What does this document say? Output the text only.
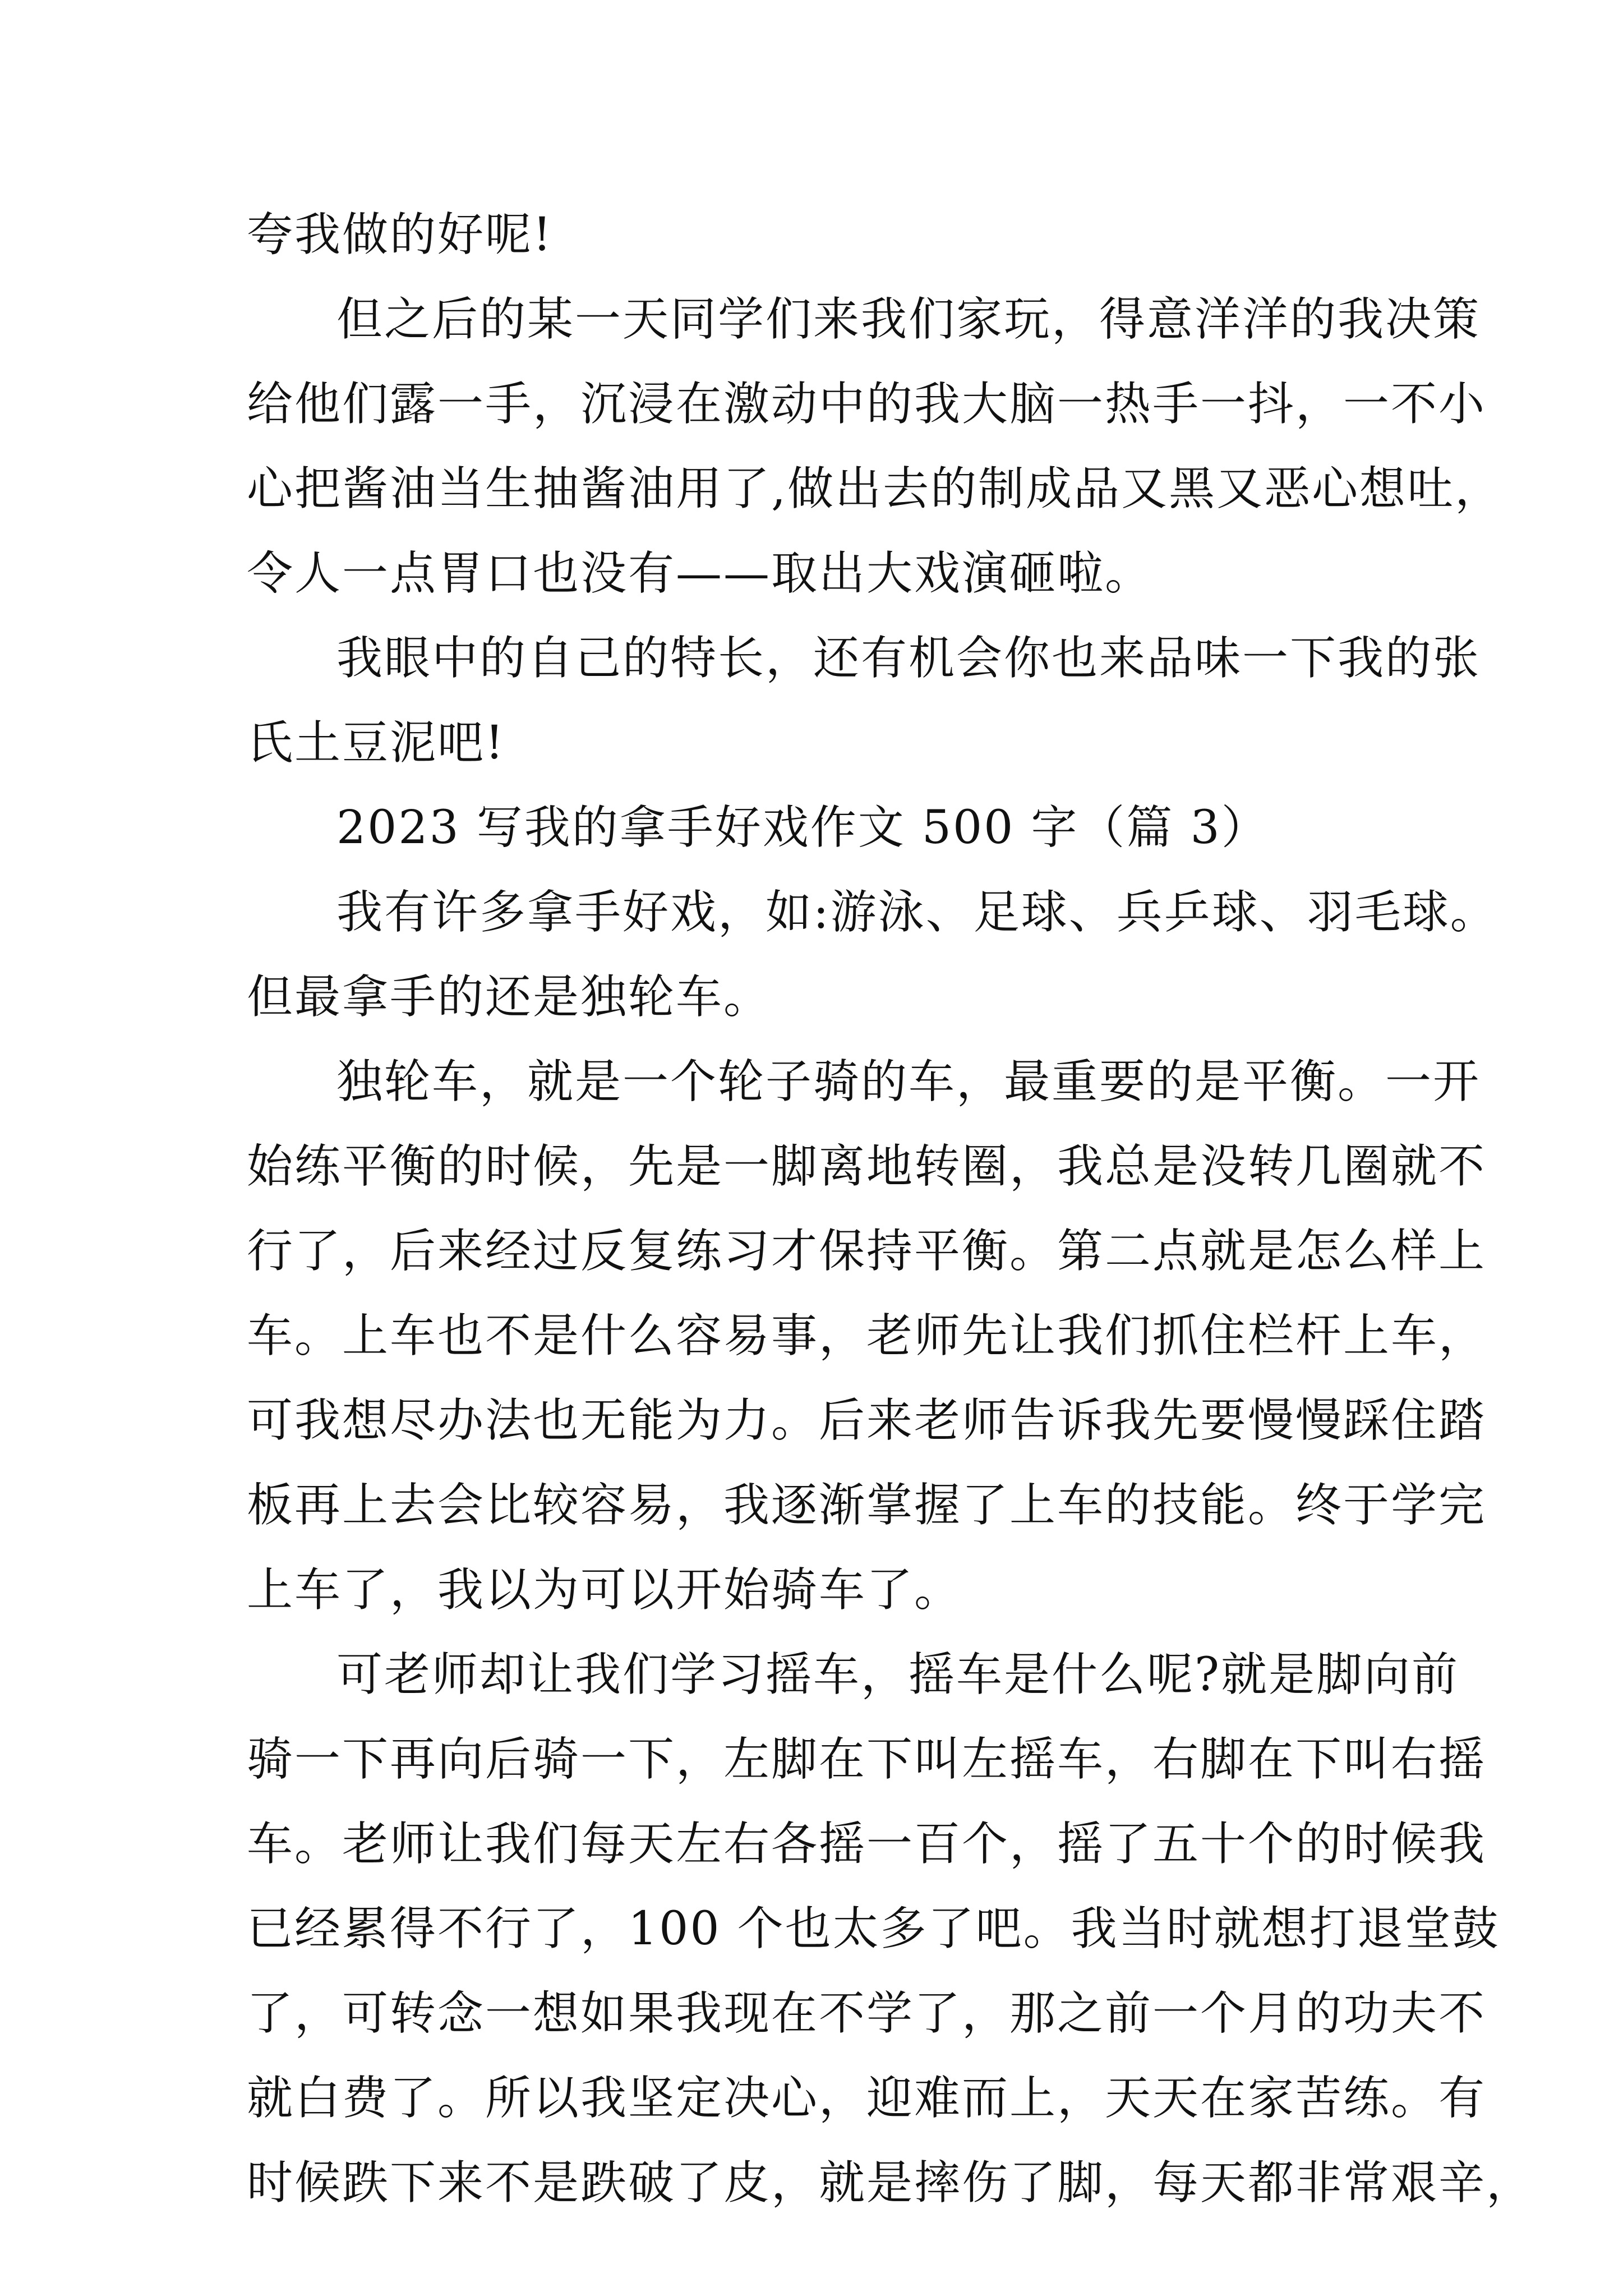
夸我做的好呢!
但之后的某一天同学们来我们家玩，得意洋洋的我决策
给他们露一手，沉浸在激动中的我大脑一热手一抖，一不小
心把酱油当生抽酱油用了,做出去的制成品又黑又恶心想吐，
令人一点胃口也没有——取出大戏演砸啦。
我眼中的自己的特长，还有机会你也来品味一下我的张
氏土豆泥吧!
2023 写我的拿手好戏作文 500 字（篇 3）
我有许多拿手好戏，如:游泳、足球、兵乒球、羽毛球。
但最拿手的还是独轮车。
独轮车，就是一个轮子骑的车，最重要的是平衡。一开
始练平衡的时候，先是一脚离地转圈，我总是没转几圈就不
行了，后来经过反复练习才保持平衡。第二点就是怎么样上
车。上车也不是什么容易事，老师先让我们抓住栏杆上车，
可我想尽办法也无能为力。后来老师告诉我先要慢慢踩住踏
板再上去会比较容易，我逐渐掌握了上车的技能。终于学完
上车了，我以为可以开始骑车了。
可老师却让我们学习摇车，摇车是什么呢?就是脚向前
骑一下再向后骑一下，左脚在下叫左摇车，右脚在下叫右摇
车。老师让我们每天左右各摇一百个，摇了五十个的时候我
已经累得不行了，100 个也太多了吧。我当时就想打退堂鼓
了，可转念一想如果我现在不学了，那之前一个月的功夫不
就白费了。所以我坚定决心，迎难而上，天天在家苦练。有
时候跌下来不是跌破了皮，就是摔伤了脚，每天都非常艰辛，
